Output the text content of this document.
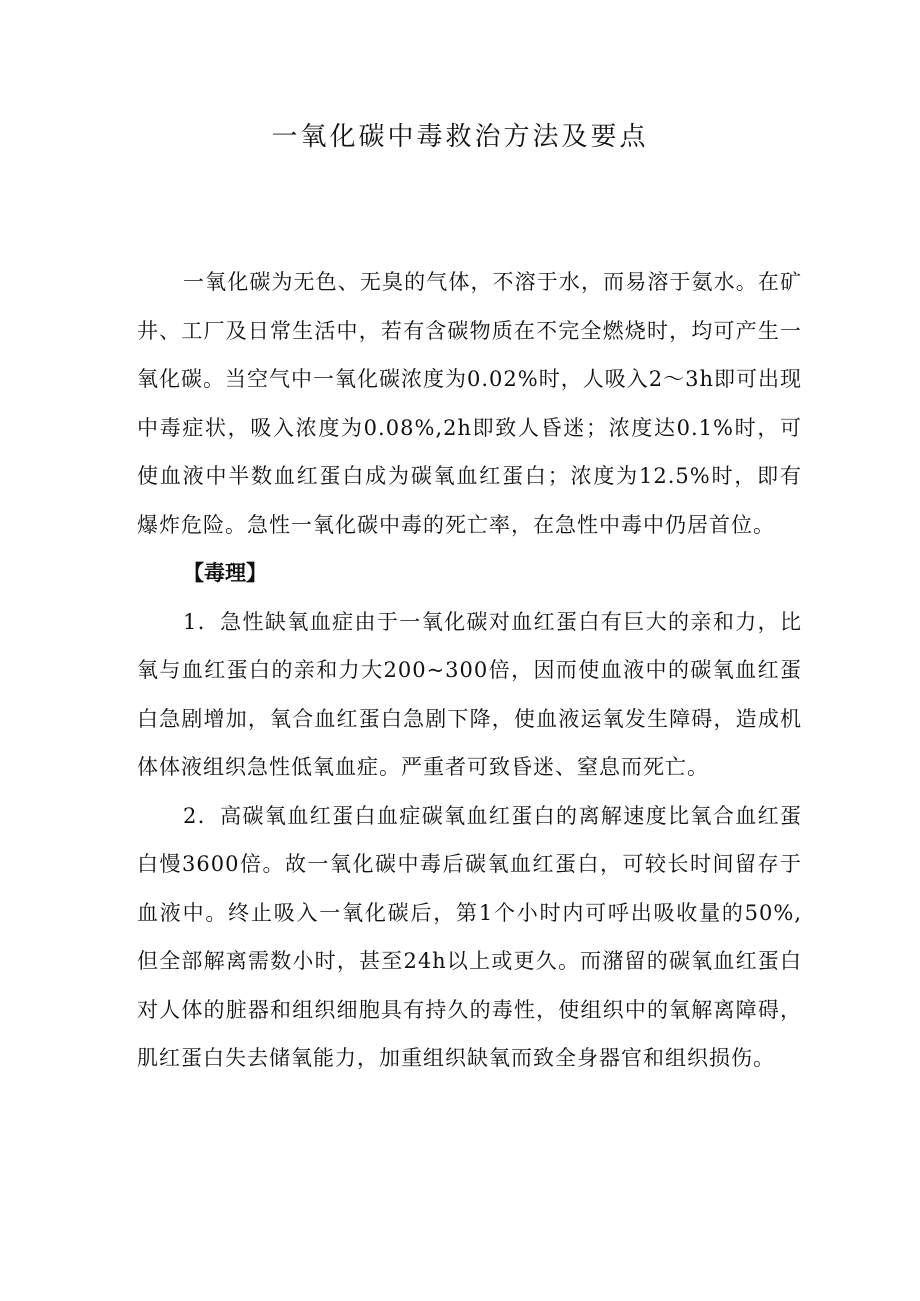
一氧化碳中毒救治方法及要点

一氧化碳为无色、无臭的气体，不溶于水，而易溶于氨水。在矿井、工厂及日常生活中，若有含碳物质在不完全燃烧时，均可产生一氧化碳。当空气中一氧化碳浓度为0.02%时，人吸入2～3h即可出现中毒症状，吸入浓度为0.08%,2h即致人昏迷；浓度达0.1%时，可使血液中半数血红蛋白成为碳氧血红蛋白；浓度为12.5%时，即有爆炸危险。急性一氧化碳中毒的死亡率，在急性中毒中仍居首位。

【毒理】

1．急性缺氧血症由于一氧化碳对血红蛋白有巨大的亲和力，比氧与血红蛋白的亲和力大200~300倍，因而使血液中的碳氧血红蛋白急剧增加，氧合血红蛋白急剧下降，使血液运氧发生障碍，造成机体体液组织急性低氧血症。严重者可致昏迷、窒息而死亡。

2．高碳氧血红蛋白血症碳氧血红蛋白的离解速度比氧合血红蛋白慢3600倍。故一氧化碳中毒后碳氧血红蛋白，可较长时间留存于血液中。终止吸入一氧化碳后，第1个小时内可呼出吸收量的50%,但全部解离需数小时，甚至24h以上或更久。而潴留的碳氧血红蛋白对人体的脏器和组织细胞具有持久的毒性，使组织中的氧解离障碍，肌红蛋白失去储氧能力，加重组织缺氧而致全身器官和组织损伤。
